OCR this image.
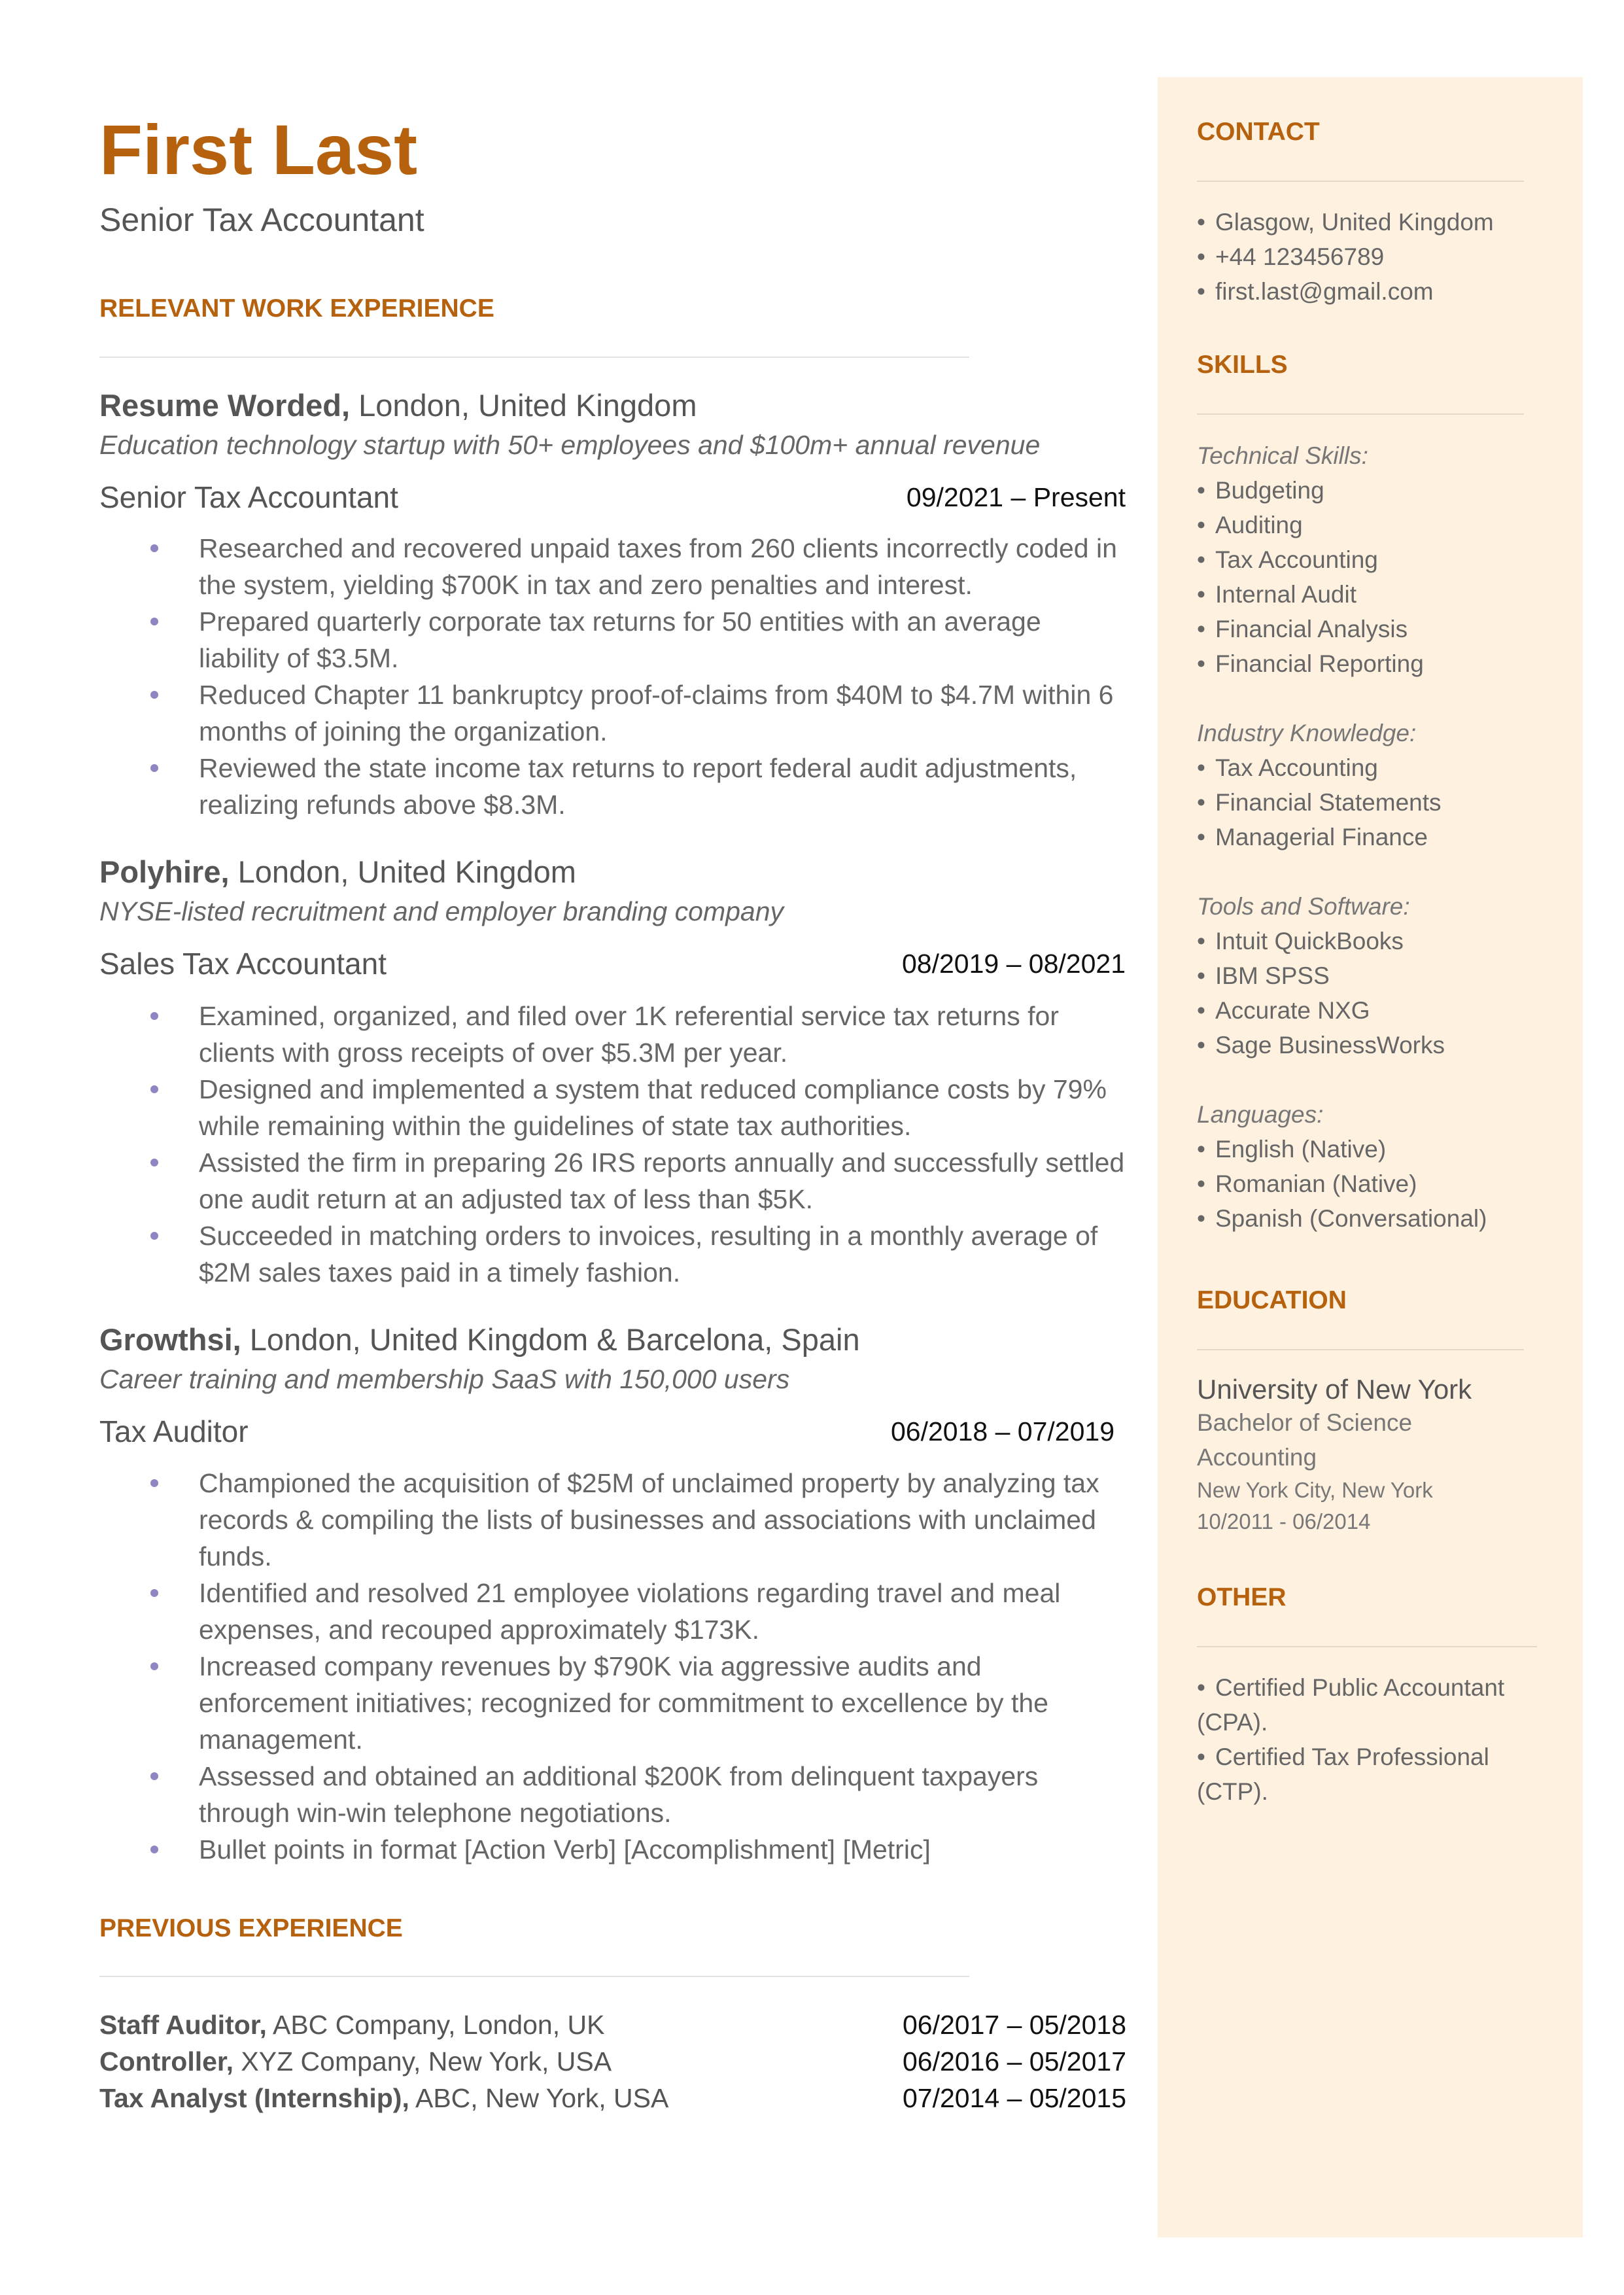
First Last
Senior Tax Accountant
RELEVANT WORK EXPERIENCE
Resume Worded, London, United Kingdom
Education technology startup with 50+ employees and $100m+ annual revenue
Senior Tax Accountant	09/2021 – Present

Researched and recovered unpaid taxes from 260 clients incorrectly coded in the system, yielding $700K in tax and zero penalties and interest.

Prepared quarterly corporate tax returns for 50 entities with an average liability of $3.5M.

Reduced Chapter 11 bankruptcy proof-of-claims from $40M to $4.7M within 6 months of joining the organization.

Reviewed the state income tax returns to report federal audit adjustments, realizing refunds above $8.3M.

Polyhire, London, United Kingdom
NYSE-listed recruitment and employer branding company
Sales Tax Accountant	08/2019 – 08/2021

Examined, organized, and filed over 1K referential service tax returns for clients with gross receipts of over $5.3M per year.

Designed and implemented a system that reduced compliance costs by 79% while remaining within the guidelines of state tax authorities.

Assisted the firm in preparing 26 IRS reports annually and successfully settled one audit return at an adjusted tax of less than $5K.

Succeeded in matching orders to invoices, resulting in a monthly average of $2M sales taxes paid in a timely fashion.

Growthsi, London, United Kingdom & Barcelona, Spain
Career training and membership SaaS with 150,000 users
Tax Auditor	06/2018 – 07/2019

Championed the acquisition of $25M of unclaimed property by analyzing tax records & compiling the lists of businesses and associations with unclaimed funds.

Identified and resolved 21 employee violations regarding travel and meal expenses, and recouped approximately $173K.

Increased company revenues by $790K via aggressive audits and enforcement initiatives; recognized for commitment to excellence by the management.

Assessed and obtained an additional $200K from delinquent taxpayers through win-win telephone negotiations.

Bullet points in format [Action Verb] [Accomplishment] [Metric]

PREVIOUS EXPERIENCE
Staff Auditor, ABC Company, London, UK	06/2017 – 05/2018
Controller, XYZ Company, New York, USA	06/2016 – 05/2017
Tax Analyst (Internship), ABC, New York, USA	07/2014 – 05/2015
CONTACT
• Glasgow, United Kingdom
• +44 123456789
• first.last@gmail.com
SKILLS
Technical Skills:
• Budgeting
• Auditing
• Tax Accounting
• Internal Audit
• Financial Analysis
• Financial Reporting
Industry Knowledge:
• Tax Accounting
• Financial Statements
• Managerial Finance
Tools and Software:
• Intuit QuickBooks
• IBM SPSS
• Accurate NXG
• Sage BusinessWorks
Languages:
• English (Native)
• Romanian (Native)
• Spanish (Conversational)
EDUCATION
University of New York
Bachelor of Science
Accounting
New York City, New York
10/2011 - 06/2014
OTHER
• Certified Public Accountant (CPA).
• Certified Tax Professional (CTP).
